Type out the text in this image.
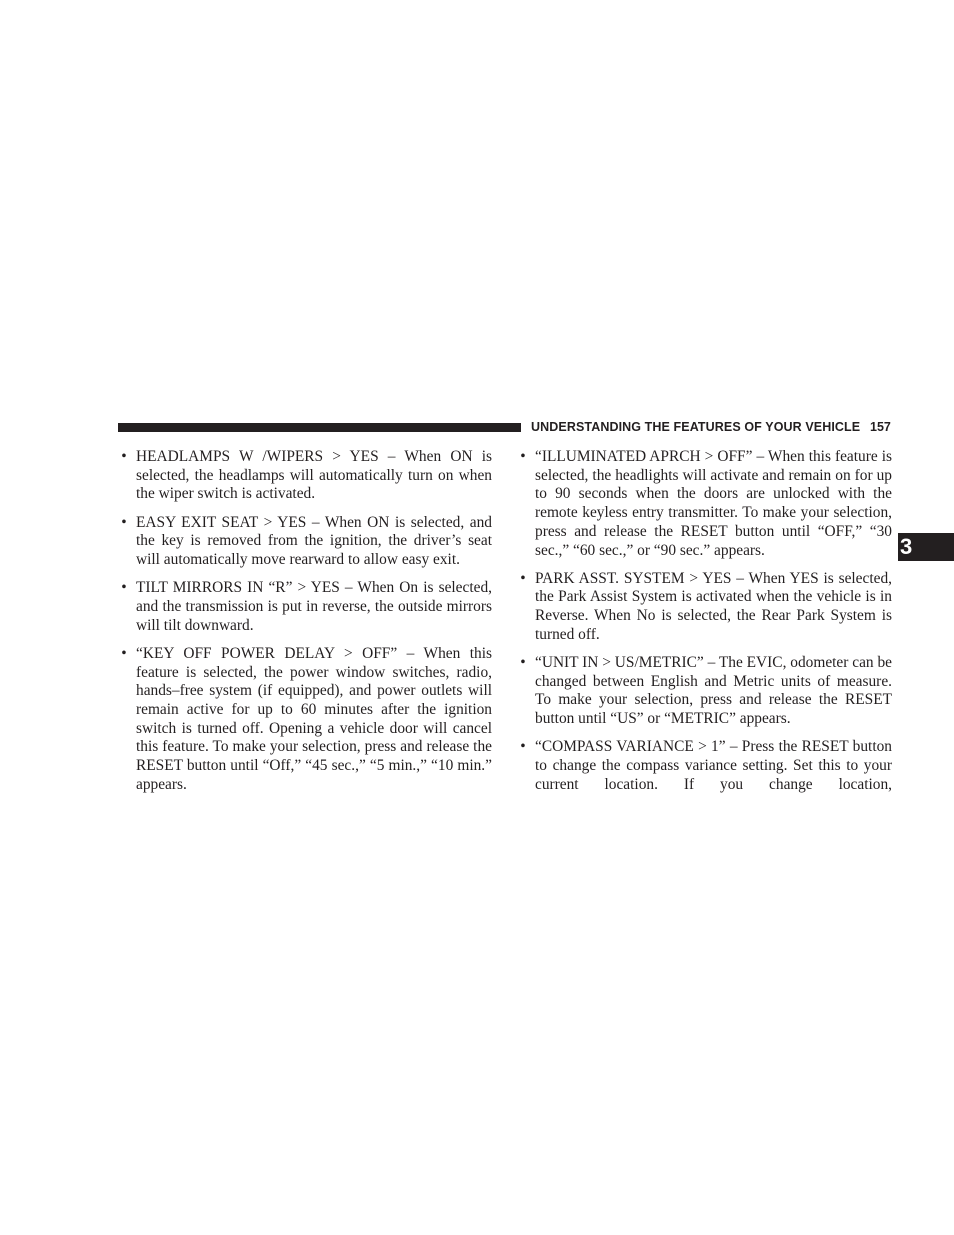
UNDERSTANDING THE FEATURES OF YOUR VEHICLE 157
3
• HEADLAMPS W /WIPERS > YES – When ON is selected, the headlamps will automatically turn on when the wiper switch is activated.
• EASY EXIT SEAT > YES – When ON is selected, and the key is removed from the ignition, the driver’s seat will automatically move rearward to allow easy exit.
• TILT MIRRORS IN “R” > YES – When On is selected, and the transmission is put in reverse, the outside mirrors will tilt downward.
• “KEY OFF POWER DELAY > OFF” – When this feature is selected, the power window switches, radio, hands–free system (if equipped), and power outlets will remain active for up to 60 minutes after the ignition switch is turned off. Opening a vehicle door will cancel this feature. To make your selection, press and release the RESET button until “Off,” “45 sec.,” “5 min.,” “10 min.” appears.
• “ILLUMINATED APRCH > OFF” – When this feature is selected, the headlights will activate and remain on for up to 90 seconds when the doors are unlocked with the remote keyless entry transmitter. To make your selection, press and release the RESET button until “OFF,” “30 sec.,” “60 sec.,” or “90 sec.” appears.
• PARK ASST. SYSTEM > YES – When YES is selected, the Park Assist System is activated when the vehicle is in Reverse. When No is selected, the Rear Park System is turned off.
• “UNIT IN > US/METRIC” – The EVIC, odometer can be changed between English and Metric units of measure. To make your selection, press and release the RESET button until “US” or “METRIC” appears.
• “COMPASS VARIANCE > 1” – Press the RESET button to change the compass variance setting. Set this to your current location. If you change location,
